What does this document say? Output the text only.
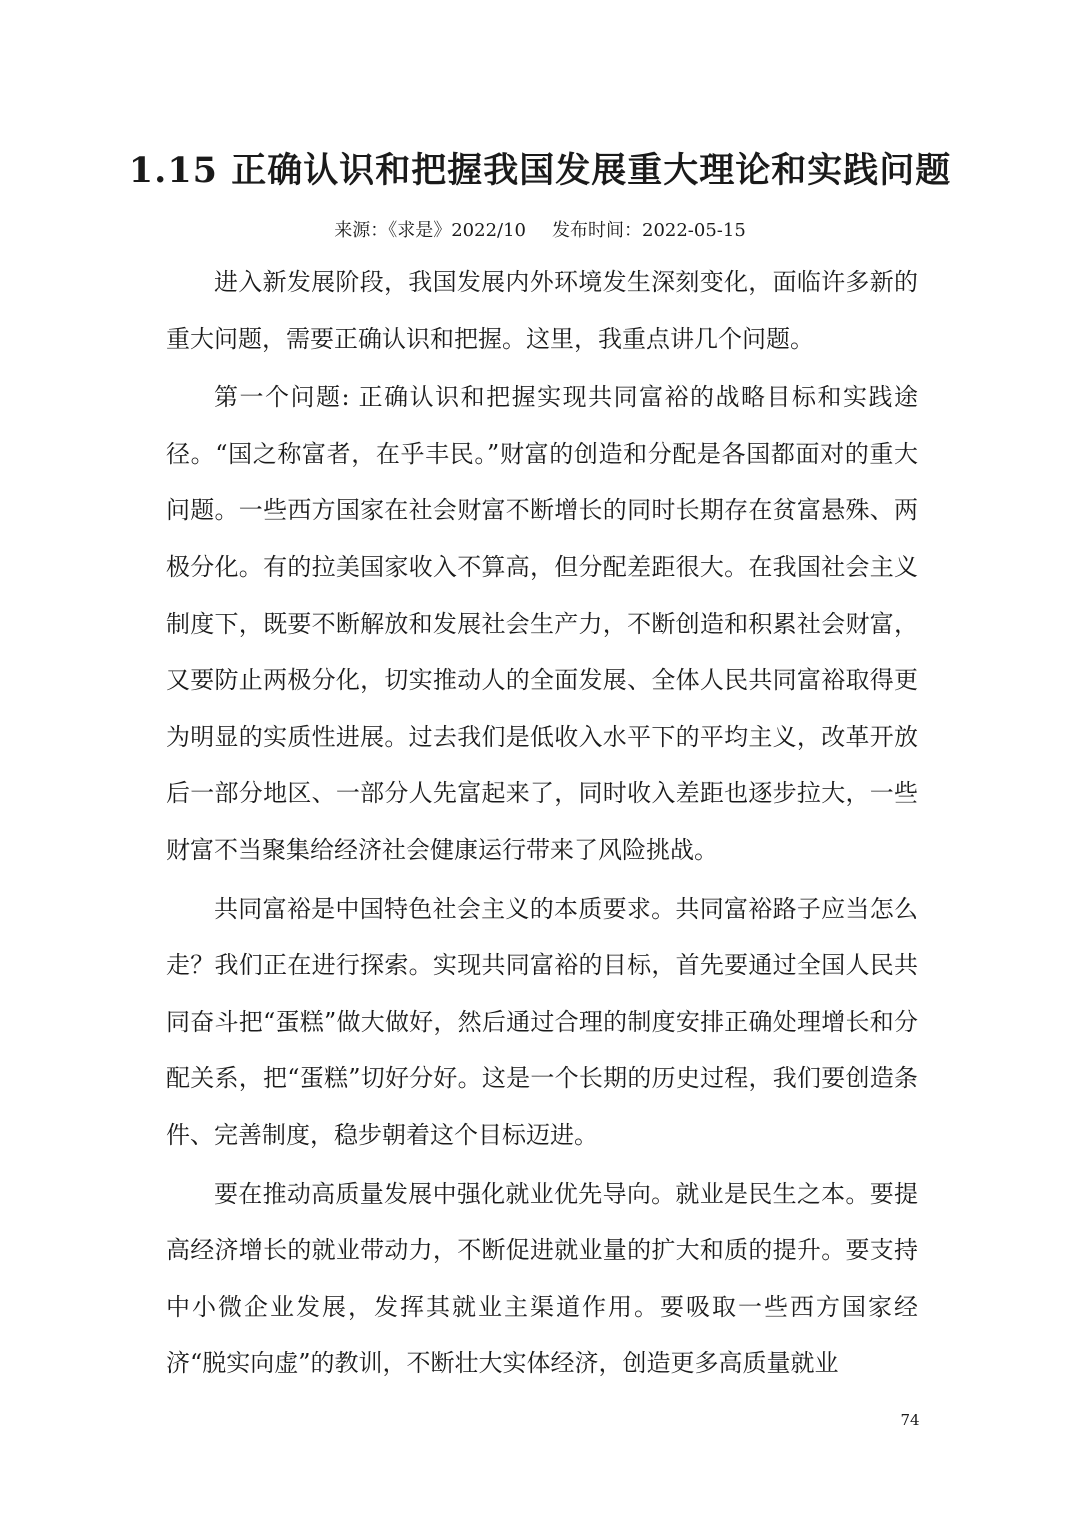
1.15 正确认识和把握我国发展重大理论和实践问题
来源：《求是》2022/10 发布时间：2022-05-15

进入新发展阶段，我国发展内外环境发生深刻变化，面临许多新的重大问题，需要正确认识和把握。这里，我重点讲几个问题。

第一个问题: 正确认识和把握实现共同富裕的战略目标和实践途径。“国之称富者，在乎丰民。”财富的创造和分配是各国都面对的重大问题。一些西方国家在社会财富不断增长的同时长期存在贫富悬殊、两极分化。有的拉美国家收入不算高，但分配差距很大。在我国社会主义制度下，既要不断解放和发展社会生产力，不断创造和积累社会财富，又要防止两极分化，切实推动人的全面发展、全体人民共同富裕取得更为明显的实质性进展。过去我们是低收入水平下的平均主义，改革开放后一部分地区、一部分人先富起来了，同时收入差距也逐步拉大，一些财富不当聚集给经济社会健康运行带来了风险挑战。

共同富裕是中国特色社会主义的本质要求。共同富裕路子应当怎么走？我们正在进行探索。实现共同富裕的目标，首先要通过全国人民共同奋斗把“蛋糕”做大做好，然后通过合理的制度安排正确处理增长和分配关系，把“蛋糕”切好分好。这是一个长期的历史过程，我们要创造条件、完善制度，稳步朝着这个目标迈进。

要在推动高质量发展中强化就业优先导向。就业是民生之本。要提高经济增长的就业带动力，不断促进就业量的扩大和质的提升。要支持中小微企业发展，发挥其就业主渠道作用。要吸取一些西方国家经济“脱实向虚”的教训，不断壮大实体经济，创造更多高质量就业

74
